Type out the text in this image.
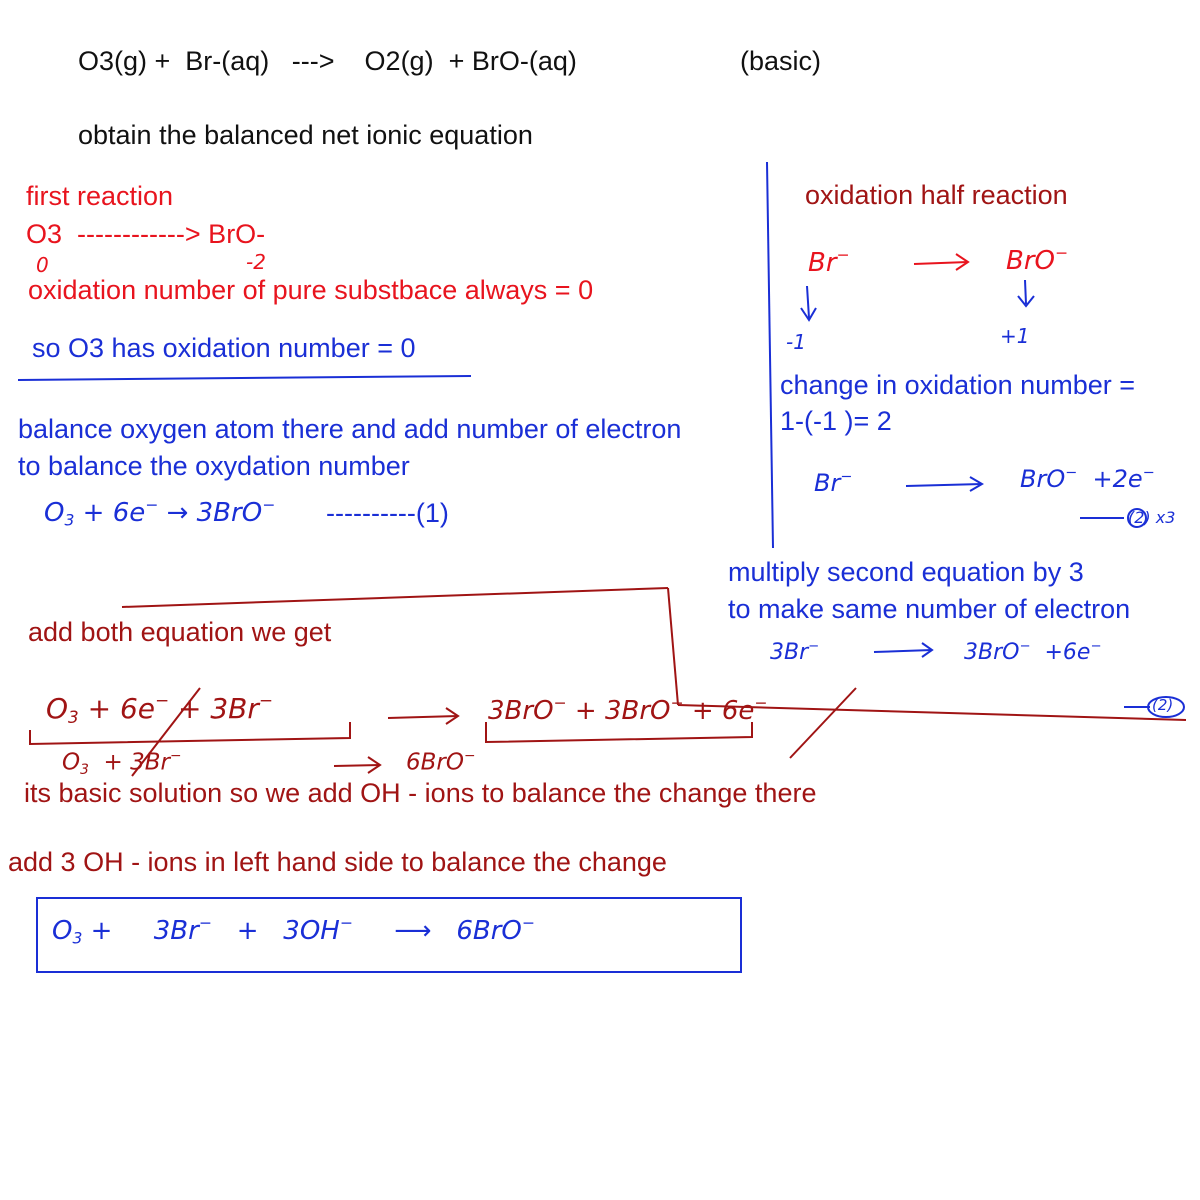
O3(g) +  Br-(aq)   --->    O2(g)  + BrO-(aq)	(basic)
obtain the balanced net ionic equation
first reaction
O3  ------------> BrO-
0	-2
oxidation number of pure substbace always = 0
so O3 has oxidation number = 0
balance oxygen atom there and add number of electron
to balance the oxydation number
$O_3 + 6e^- \to 3BrO^-$ ----------(1)
oxidation half reaction
Br−	BrO−
-1	+1
change in oxidation number =
1-(-1 )= 2
Br−	BrO−  +2e−
(2) x3
multiply second equation by 3
to make same number of electron
3Br−	3BrO−  +6e−
(2)
add both equation we get
$O_3 + 6e^- + 3Br^-$	3BrO− + 3BrO− + 6e−
$O_3 + 3Br^-$	6BrO−
its basic solution so we add OH - ions to balance the change there
add 3 OH - ions in left hand side to balance the change
$O_3$ +     3Br−   +   3OH−     ⟶   6BrO−
